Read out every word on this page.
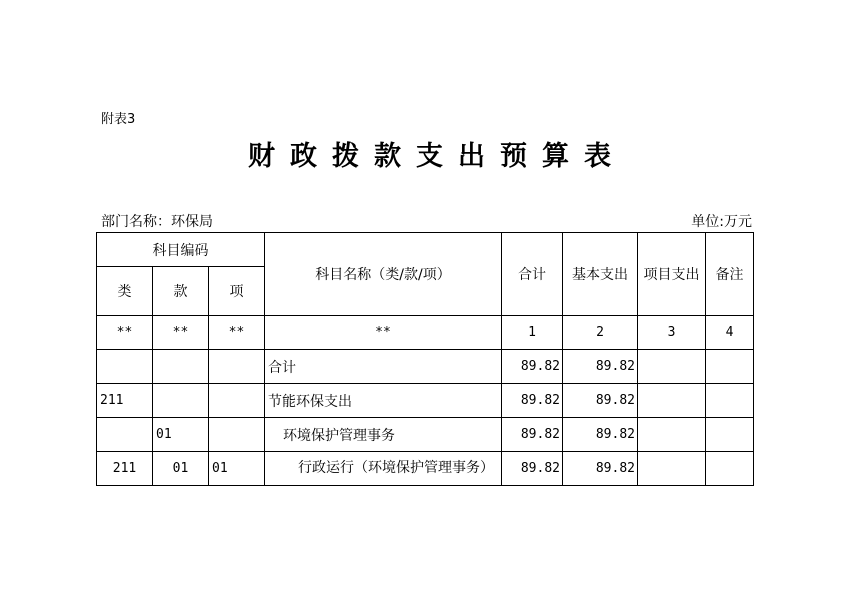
附表3
财政拨款支出预算表
部门名称：环保局	单位:万元
科目编码			科目名称（类/款/项）	合计	基本支出	项目支出	备注
类	款	项					
**	**	**	**	1	2	3	4
			合计	89.82	89.82		
211			节能环保支出	89.82	89.82		
	01		环境保护管理事务	89.82	89.82		
211	01	01	行政运行（环境保护管理事务）	89.82	89.82		
